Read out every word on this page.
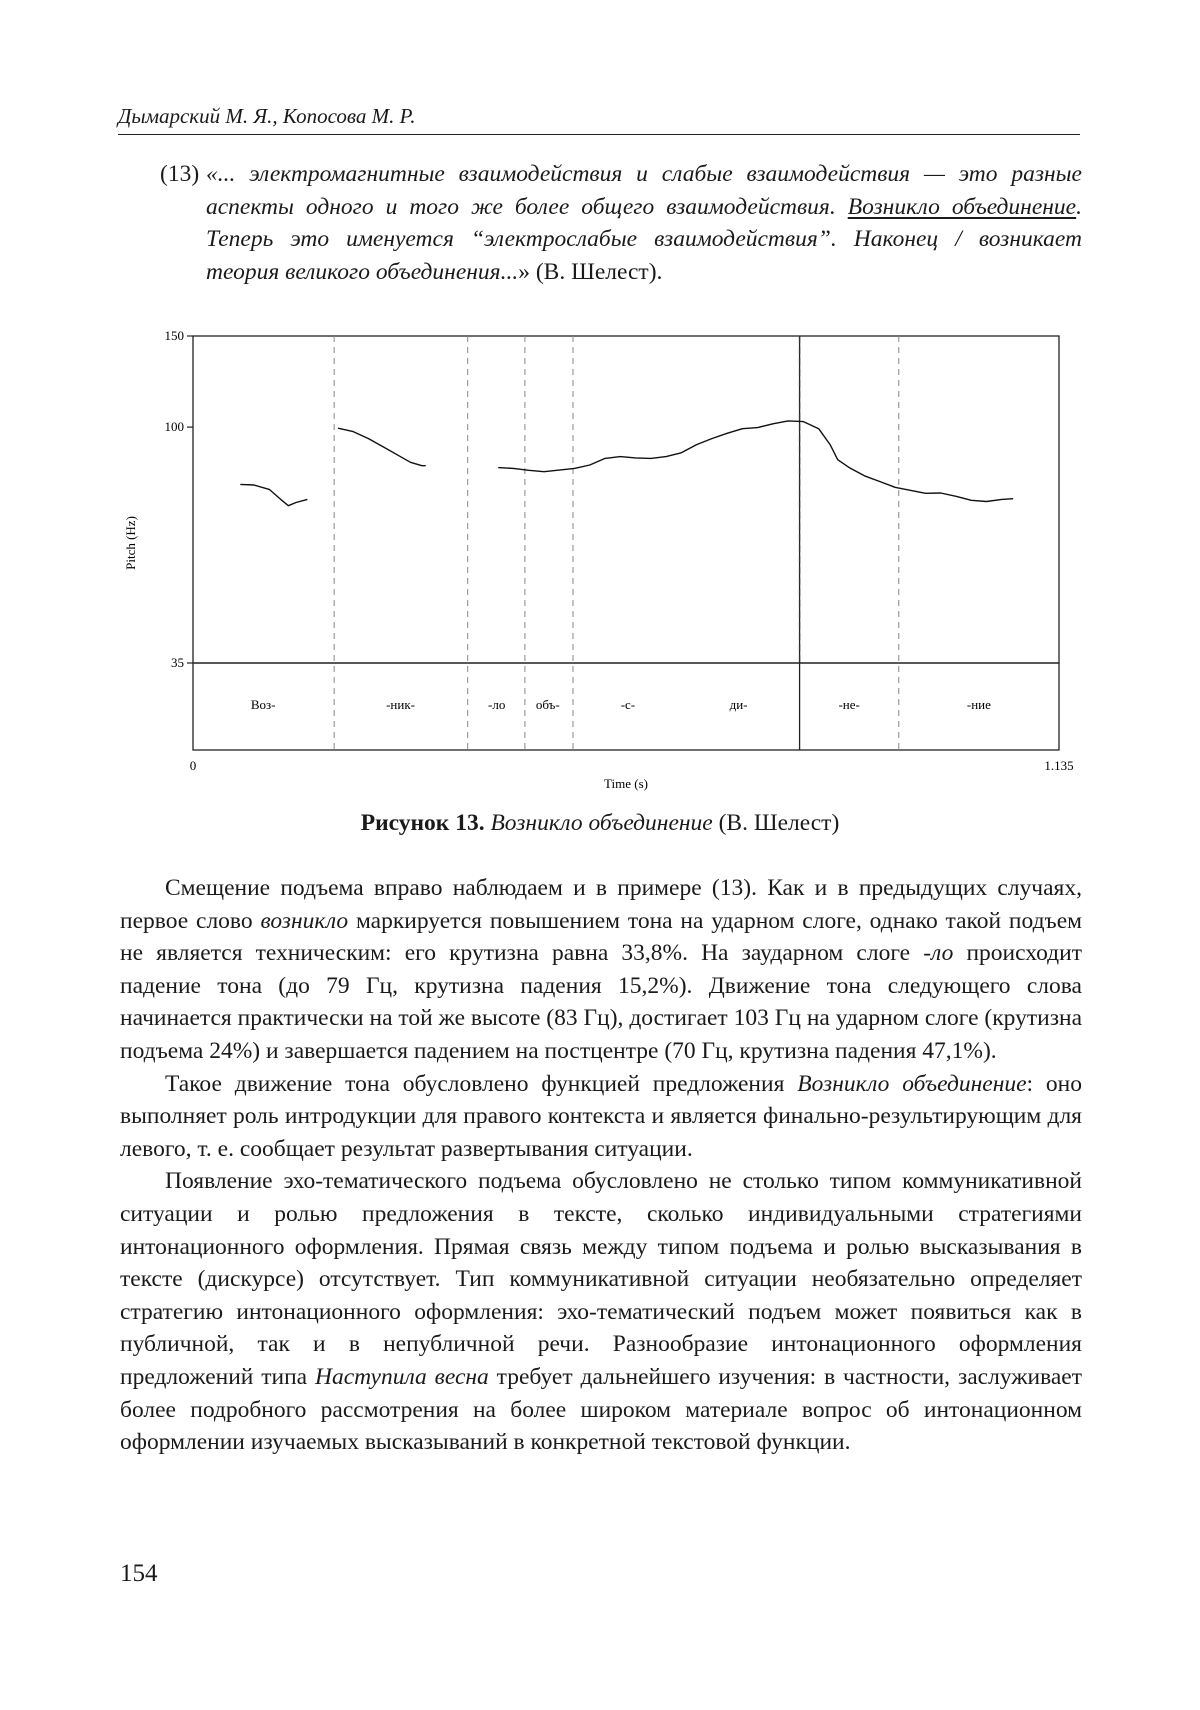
Дымарский М. Я., Копосова М. Р.
(13) «... электромагнитные взаимодействия и слабые взаимодействия — это разные аспекты одного и того же более общего взаимодействия. Возникло объединение. Теперь это именуется “электрослабые взаимодействия”. Наконец / возникает теория великого объединения...» (В. Шелест).

150
100
35
Воз-	-ник-	-ло объ-	-с-	ди-	-не-	-ние
0	1.135
Time (s)
Pitch (Hz)
Рисунок 13. Возникло объединение (В. Шелест)

Смещение подъема вправо наблюдаем и в примере (13). Как и в предыдущих случаях, первое слово возникло маркируется повышением тона на ударном слоге, однако такой подъем не является техническим: его крутизна равна 33,8%. На заударном слоге -ло происходит падение тона (до 79 Гц, крутизна падения 15,2%). Движение тона следующего слова начинается практически на той же высоте (83 Гц), достигает 103 Гц на ударном слоге (крутизна подъема 24%) и завершается падением на постцентре (70 Гц, крутизна падения 47,1%).

Такое движение тона обусловлено функцией предложения Возникло объединение: оно выполняет роль интродукции для правого контекста и является финально-результирующим для левого, т. е. сообщает результат развертывания ситуации.

Появление эхо-тематического подъема обусловлено не столько типом коммуникативной ситуации и ролью предложения в тексте, сколько индивидуальными стратегиями интонационного оформления. Прямая связь между типом подъема и ролью высказывания в тексте (дискурсе) отсутствует. Тип коммуникативной ситуации необязательно определяет стратегию интонационного оформления: эхо-тематический подъем может появиться как в публичной, так и в непубличной речи. Разнообразие интонационного оформления предложений типа Наступила весна требует дальнейшего изучения: в частности, заслуживает более подробного рассмотрения на более широком материале вопрос об интонационном оформлении изучаемых высказываний в конкретной текстовой функции.

154
